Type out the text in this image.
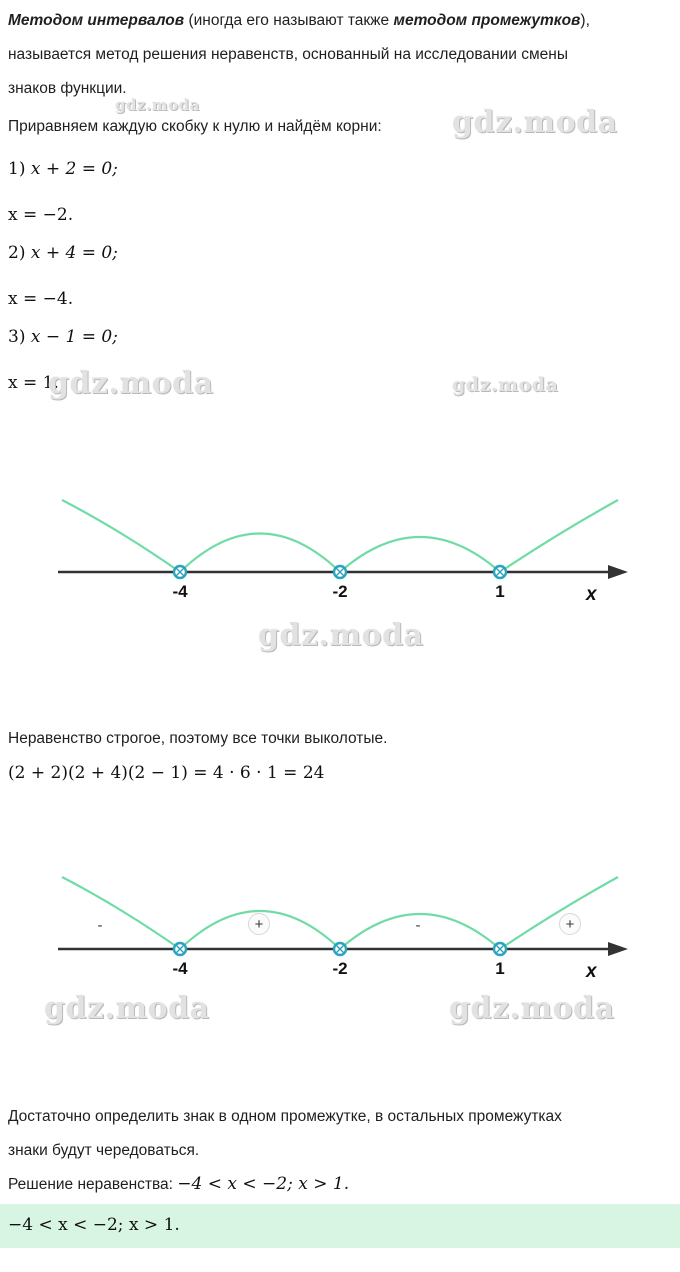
Методом интервалов (иногда его называют также методом промежутков),
называется метод решения неравенств, основанный на исследовании смены
знаков функции.
Приравняем каждую скобку к нулю и найдём корни:
1) x + 2 = 0;
x = −2.
2) x + 4 = 0;
x = −4.
3) x − 1 = 0;
x = 1.
-4	-2	1	x
Неравенство строгое, поэтому все точки выколотые.
(2 + 2)(2 + 4)(2 − 1) = 4 · 6 · 1 = 24
-	+	-	+
-4	-2	1	x
Достаточно определить знак в одном промежутке, в остальных промежутках
знаки будут чередоваться.
Решение неравенства: −4 < x < −2; x > 1.
−4 < x < −2; x > 1.
gdz.moda	gdz.moda
gdz.moda	gdz.moda
gdz.moda
gdz.moda	gdz.moda
